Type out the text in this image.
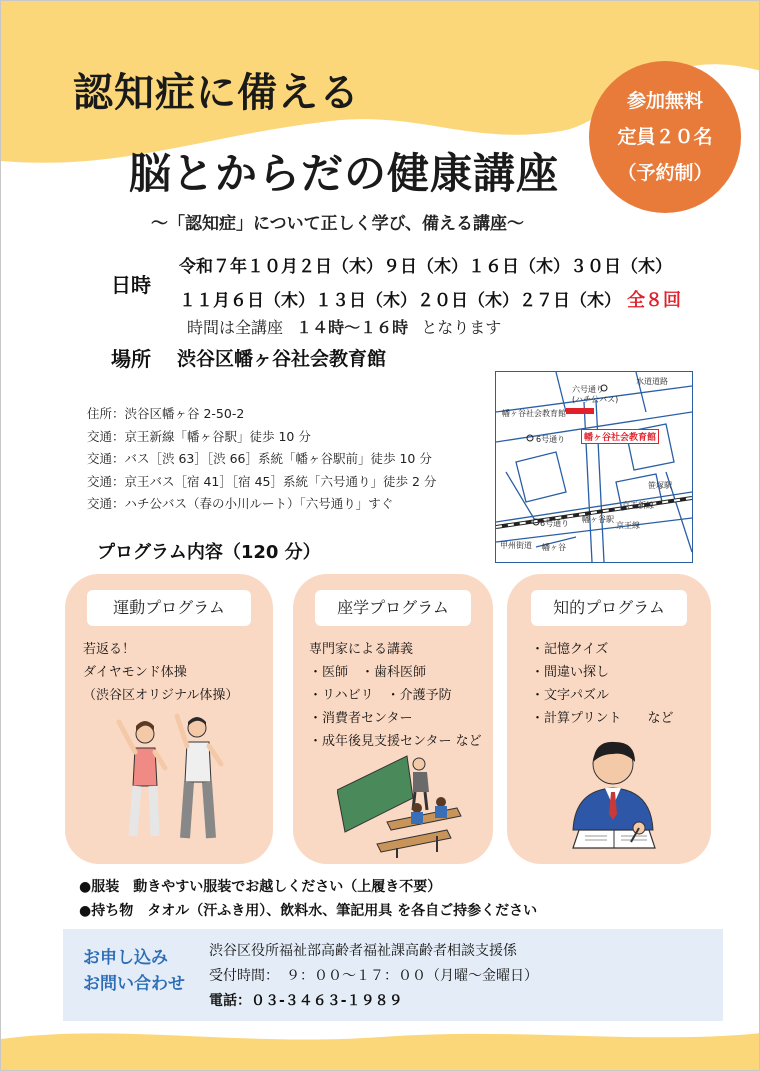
認知症に備える
脳とからだの健康講座
参加無料
定員２０名
（予約制）
～「認知症」について正しく学び、備える講座～
日時
令和７年１０月２日（木）９日（木）１６日（木）３０日（木）
１１月６日（木）１３日（木）２０日（木）２７日（木） 全８回
時間は全講座 １４時～１６時 となります
場所 渋谷区幡ヶ谷社会教育館
住所：渋谷区幡ヶ谷 2-50-2
交通：京王新線「幡ヶ谷駅」徒歩 10 分
交通：バス［渋 63］［渋 66］系統「幡ヶ谷駅前」徒歩 10 分
交通：京王バス［宿 41］［宿 45］系統「六号通り」徒歩 2 分
交通：ハチ公バス（春の小川ルート）「六号通り」すぐ
六号通り
(ハチ公バス)
幡ヶ谷社会教育館
6号通り
6号通り 幡ヶ谷駅
京王新線
甲州街道 幡ヶ谷
水道道路
京王線
笹塚駅
幡ヶ谷社会教育館
プログラム内容（120 分）
運動プログラム
若返る！
ダイヤモンド体操
（渋谷区オリジナル体操）
座学プログラム
専門家による講義
・医師　・歯科医師
・リハビリ　・介護予防
・消費者センター
・成年後見支援センター など
知的プログラム
・記憶クイズ
・間違い探し
・文字パズル
・計算プリント　　など
●服装　動きやすい服装でお越しください（上履き不要）
●持ち物　タオル（汗ふき用）、飲料水、筆記用具 を各自ご持参ください
お申し込み
お問い合わせ
渋谷区役所福祉部高齢者福祉課高齢者相談支援係
受付時間：　９：００～１７：００（月曜～金曜日）
電話：０３-３４６３-１９８９
